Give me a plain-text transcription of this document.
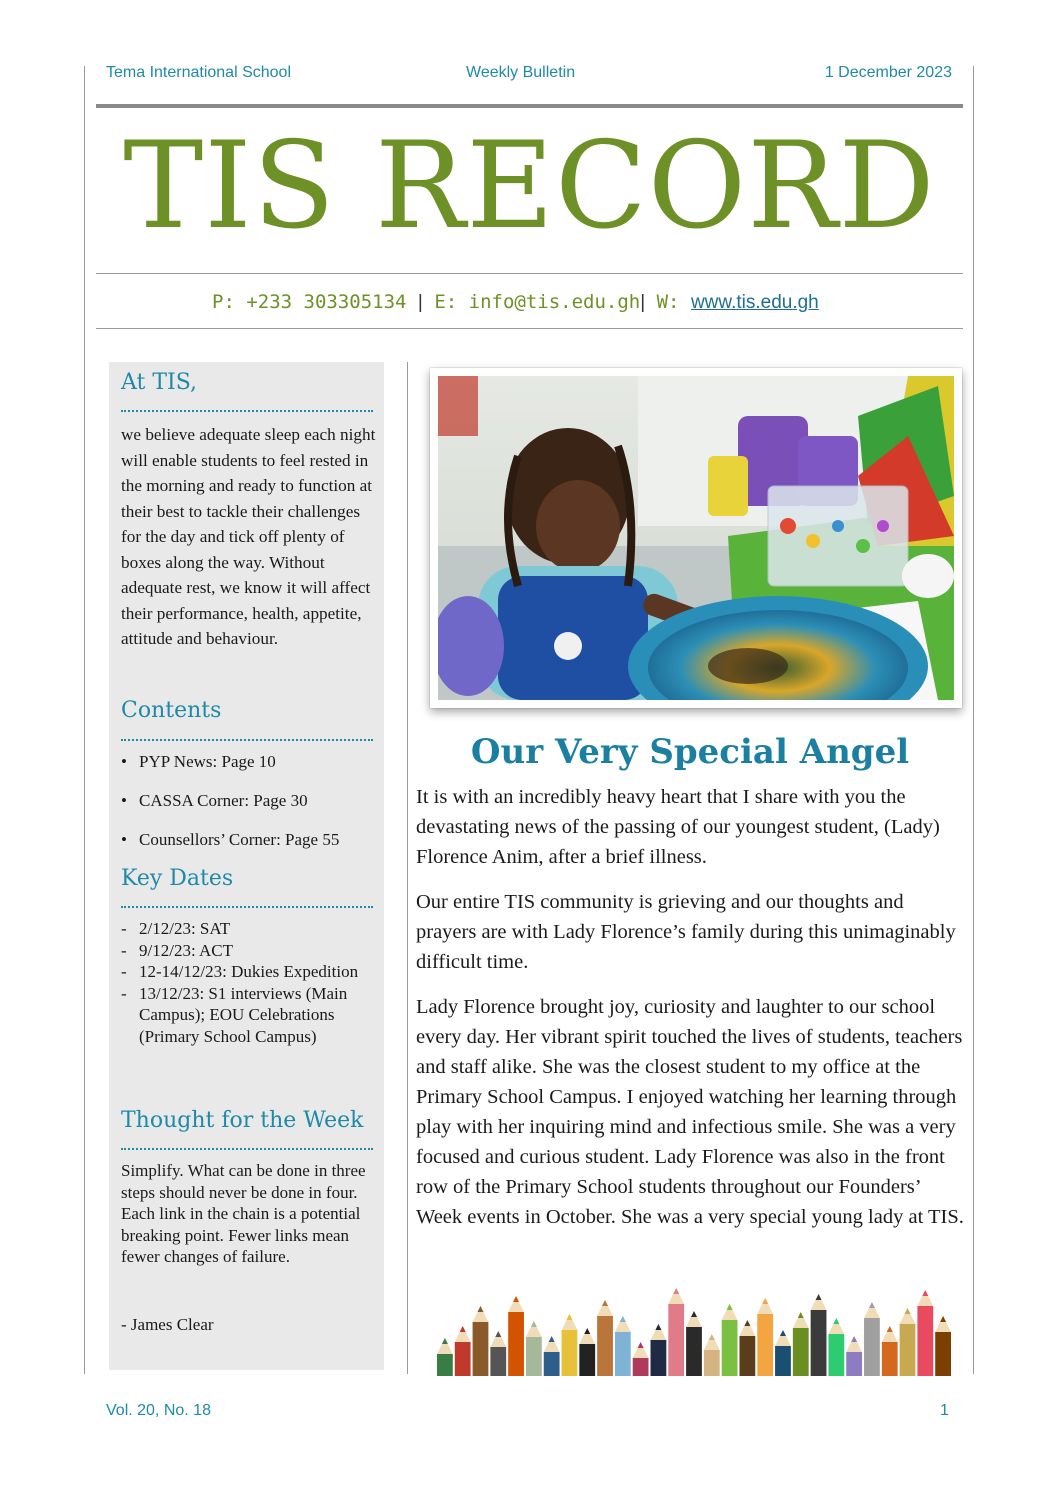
Tema International School	Weekly Bulletin	1 December 2023
TIS RECORD
P: +233 303305134 | E: info@tis.edu.gh| W: www.tis.edu.gh
At TIS,
we believe adequate sleep each night will enable students to feel rested in the morning and ready to function at their best to tackle their challenges for the day and tick off plenty of boxes along the way. Without adequate rest, we know it will affect their performance, health, appetite, attitude and behaviour.
Contents
• PYP News: Page 10
• CASSA Corner: Page 30
• Counsellors’ Corner: Page 55
Key Dates
- 2/12/23: SAT
- 9/12/23: ACT
- 12-14/12/23: Dukies Expedition
- 13/12/23: S1 interviews (Main Campus); EOU Celebrations (Primary School Campus)
Thought for the Week
Simplify. What can be done in three steps should never be done in four. Each link in the chain is a potential breaking point. Fewer links mean fewer changes of failure.
- James Clear
Our Very Special Angel
It is with an incredibly heavy heart that I share with you the devastating news of the passing of our youngest student, (Lady) Florence Anim, after a brief illness.
Our entire TIS community is grieving and our thoughts and prayers are with Lady Florence’s family during this unimaginably difficult time.
Lady Florence brought joy, curiosity and laughter to our school every day. Her vibrant spirit touched the lives of students, teachers and staff alike. She was the closest student to my office at the Primary School Campus. I enjoyed watching her learning through play with her inquiring mind and infectious smile. She was a very focused and curious student. Lady Florence was also in the front row of the Primary School students throughout our Founders’ Week events in October. She was a very special young lady at TIS.
Vol. 20, No. 18	1
